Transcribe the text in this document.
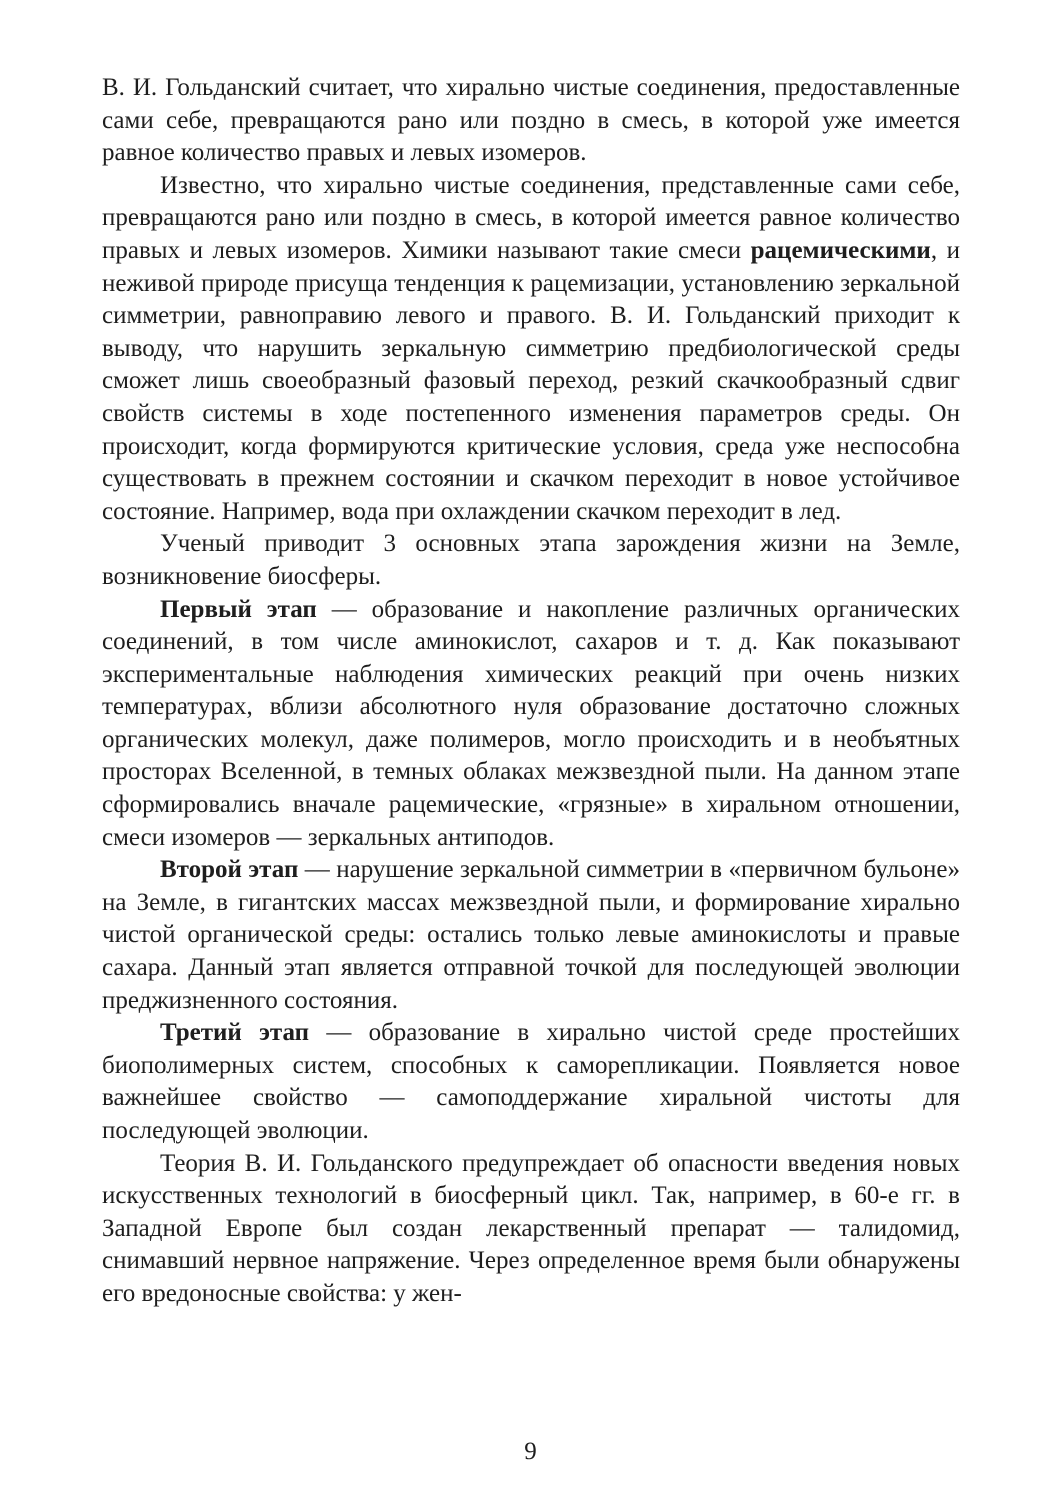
В. И. Гольданский считает, что хирально чистые соединения, предоставленные сами себе, превращаются рано или поздно в смесь, в которой уже имеется равное количество правых и левых изомеров.

Известно, что хирально чистые соединения, представленные сами себе, превращаются рано или поздно в смесь, в которой имеется равное количество правых и левых изомеров. Химики называют такие смеси рацемическими, и неживой природе присуща тенденция к рацемизации, установлению зеркальной симметрии, равноправию левого и правого. В. И. Гольданский приходит к выводу, что нарушить зеркальную симметрию предбиологической среды сможет лишь своеобразный фазовый переход, резкий скачкообразный сдвиг свойств системы в ходе постепенного изменения параметров среды. Он происходит, когда формируются критические условия, среда уже неспособна существовать в прежнем состоянии и скачком переходит в новое устойчивое состояние. Например, вода при охлаждении скачком переходит в лед.

Ученый приводит 3 основных этапа зарождения жизни на Земле, возникновение биосферы.

Первый этап — образование и накопление различных органических соединений, в том числе аминокислот, сахаров и т. д. Как показывают экспериментальные наблюдения химических реакций при очень низких температурах, вблизи абсолютного нуля образование достаточно сложных органических молекул, даже полимеров, могло происходить и в необъятных просторах Вселенной, в темных облаках межзвездной пыли. На данном этапе сформировались вначале рацемические, «грязные» в хиральном отношении, смеси изомеров — зеркальных антиподов.

Второй этап — нарушение зеркальной симметрии в «первичном бульоне» на Земле, в гигантских массах межзвездной пыли, и формирование хирально чистой органической среды: остались только левые аминокислоты и правые сахара. Данный этап является отправной точкой для последующей эволюции преджизненного состояния.

Третий этап — образование в хирально чистой среде простейших биополимерных систем, способных к саморепликации. Появляется новое важнейшее свойство — самоподдержание хиральной чистоты для последующей эволюции.

Теория В. И. Гольданского предупреждает об опасности введения новых искусственных технологий в биосферный цикл. Так, например, в 60-е гг. в Западной Европе был создан лекарственный препарат — талидомид, снимавший нервное напряжение. Через определенное время были обнаружены его вредоносные свойства: у жен-

9
